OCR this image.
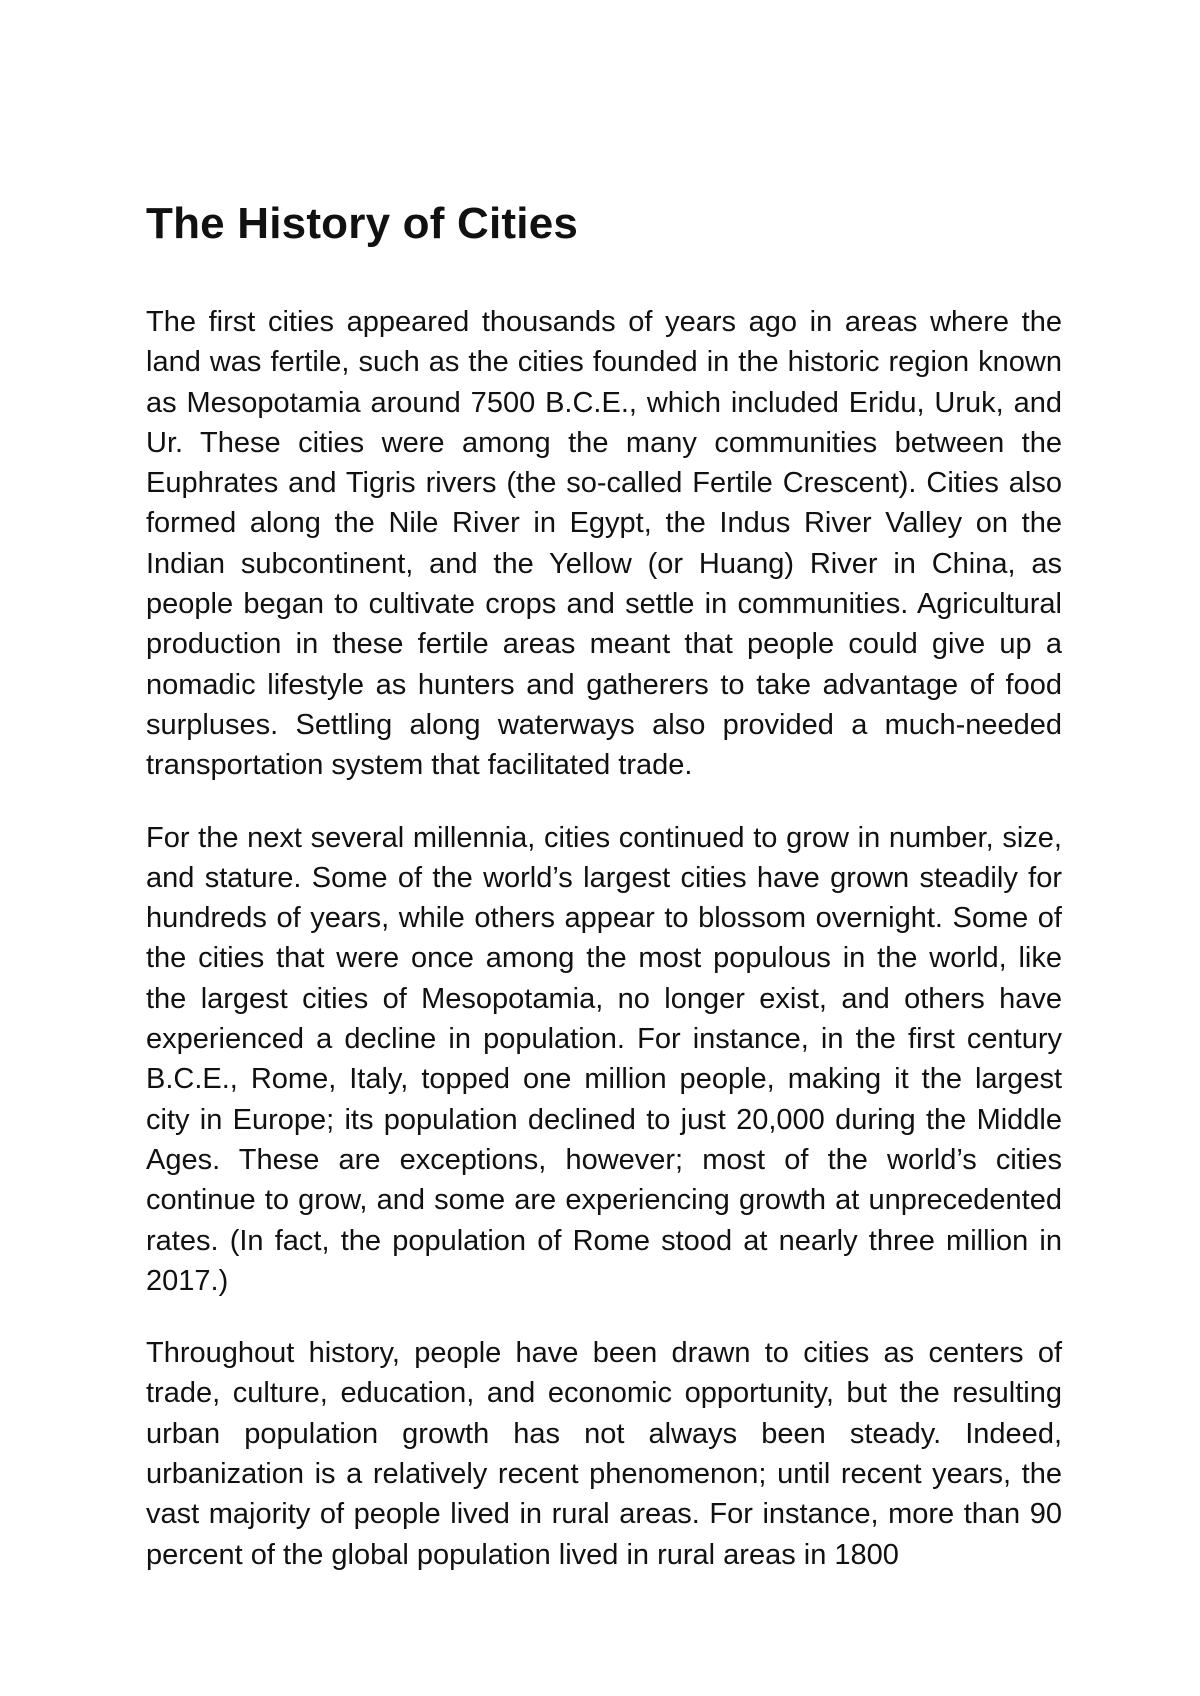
The History of Cities

The first cities appeared thousands of years ago in areas where the land was fertile, such as the cities founded in the historic region known as Mesopotamia around 7500 B.C.E., which included Eridu, Uruk, and Ur. These cities were among the many communities between the Euphrates and Tigris rivers (the so-called Fertile Crescent). Cities also formed along the Nile River in Egypt, the Indus River Valley on the Indian subcontinent, and the Yellow (or Huang) River in China, as people began to cultivate crops and settle in communities. Agricultural production in these fertile areas meant that people could give up a nomadic lifestyle as hunters and gatherers to take advantage of food surpluses. Settling along waterways also provided a much-needed transportation system that facilitated trade.

For the next several millennia, cities continued to grow in number, size, and stature. Some of the world’s largest cities have grown steadily for hundreds of years, while others appear to blossom overnight. Some of the cities that were once among the most populous in the world, like the largest cities of Mesopotamia, no longer exist, and others have experienced a decline in population. For instance, in the first century B.C.E., Rome, Italy, topped one million people, making it the largest city in Europe; its population declined to just 20,000 during the Middle Ages. These are exceptions, however; most of the world’s cities continue to grow, and some are experiencing growth at unprecedented rates. (In fact, the population of Rome stood at nearly three million in 2017.)

Throughout history, people have been drawn to cities as centers of trade, culture, education, and economic opportunity, but the resulting urban population growth has not always been steady. Indeed, urbanization is a relatively recent phenomenon; until recent years, the vast majority of people lived in rural areas. For instance, more than 90 percent of the global population lived in rural areas in 1800
